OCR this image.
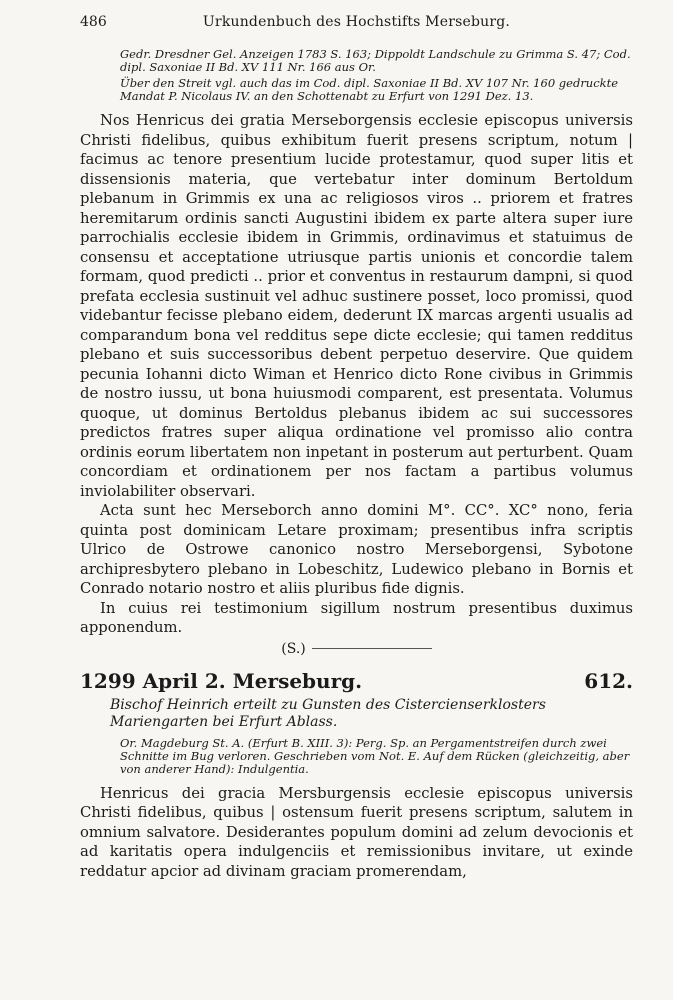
486	Urkundenbuch des Hochstifts Merseburg.

Gedr. Dresdner Gel. Anzeigen 1783 S. 163; Dippoldt Landschule zu Grimma S. 47; Cod. dipl. Saxoniae II Bd. XV 111 Nr. 166 aus Or.

Über den Streit vgl. auch das im Cod. dipl. Saxoniae II Bd. XV 107 Nr. 160 gedruckte Mandat P. Nicolaus IV. an den Schottenabt zu Erfurt von 1291 Dez. 13.

Nos Henricus dei gratia Merseborgensis ecclesie episcopus universis Christi fidelibus, quibus exhibitum fuerit presens scriptum, notum | facimus ac tenore presentium lucide protestamur, quod super litis et dissensionis materia, que vertebatur inter dominum Bertoldum plebanum in Grimmis ex una ac religiosos viros .. priorem et fratres heremitarum ordinis sancti Augustini ibidem ex parte altera super iure parrochialis ecclesie ibidem in Grimmis, ordinavimus et statuimus de consensu et acceptatione utriusque partis unionis et concordie talem formam, quod predicti .. prior et conventus in restaurum dampni, si quod prefata ecclesia sustinuit vel adhuc sustinere posset, loco promissi, quod videbantur fecisse plebano eidem, dederunt IX marcas argenti usualis ad comparandum bona vel redditus sepe dicte ecclesie; qui tamen redditus plebano et suis successoribus debent perpetuo deservire. Que quidem pecunia Iohanni dicto Wiman et Henrico dicto Rone civibus in Grimmis de nostro iussu, ut bona huiusmodi comparent, est presentata. Volumus quoque, ut dominus Bertoldus plebanus ibidem ac sui successores predictos fratres super aliqua ordinatione vel promisso alio contra ordinis eorum libertatem non inpetant in posterum aut perturbent. Quam concordiam et ordinationem per nos factam a partibus volumus inviolabiliter observari.

Acta sunt hec Merseborch anno domini M°. CC°. XC° nono, feria quinta post dominicam Letare proximam; presentibus infra scriptis Ulrico de Ostrowe canonico nostro Merseborgensi, Sybotone archipresbytero plebano in Lobeschitz, Ludewico plebano in Bornis et Conrado notario nostro et aliis pluribus fide dignis.

In cuius rei testimonium sigillum nostrum presentibus duximus apponendum.

(S.)
1299 April 2. Merseburg.	612.
Bischof Heinrich erteilt zu Gunsten des Cistercienserklosters Mariengarten bei Erfurt Ablass.
Or. Magdeburg St. A. (Erfurt B. XIII. 3): Perg. Sp. an Pergamentstreifen durch zwei Schnitte im Bug verloren. Geschrieben vom Not. E. Auf dem Rücken (gleichzeitig, aber von anderer Hand): Indulgentia.

Henricus dei gracia Mersburgensis ecclesie episcopus universis Christi fidelibus, quibus | ostensum fuerit presens scriptum, salutem in omnium salvatore. Desiderantes populum domini ad zelum devocionis et ad karitatis opera indulgenciis et remissionibus invitare, ut exinde reddatur apcior ad divinam graciam promerendam,
